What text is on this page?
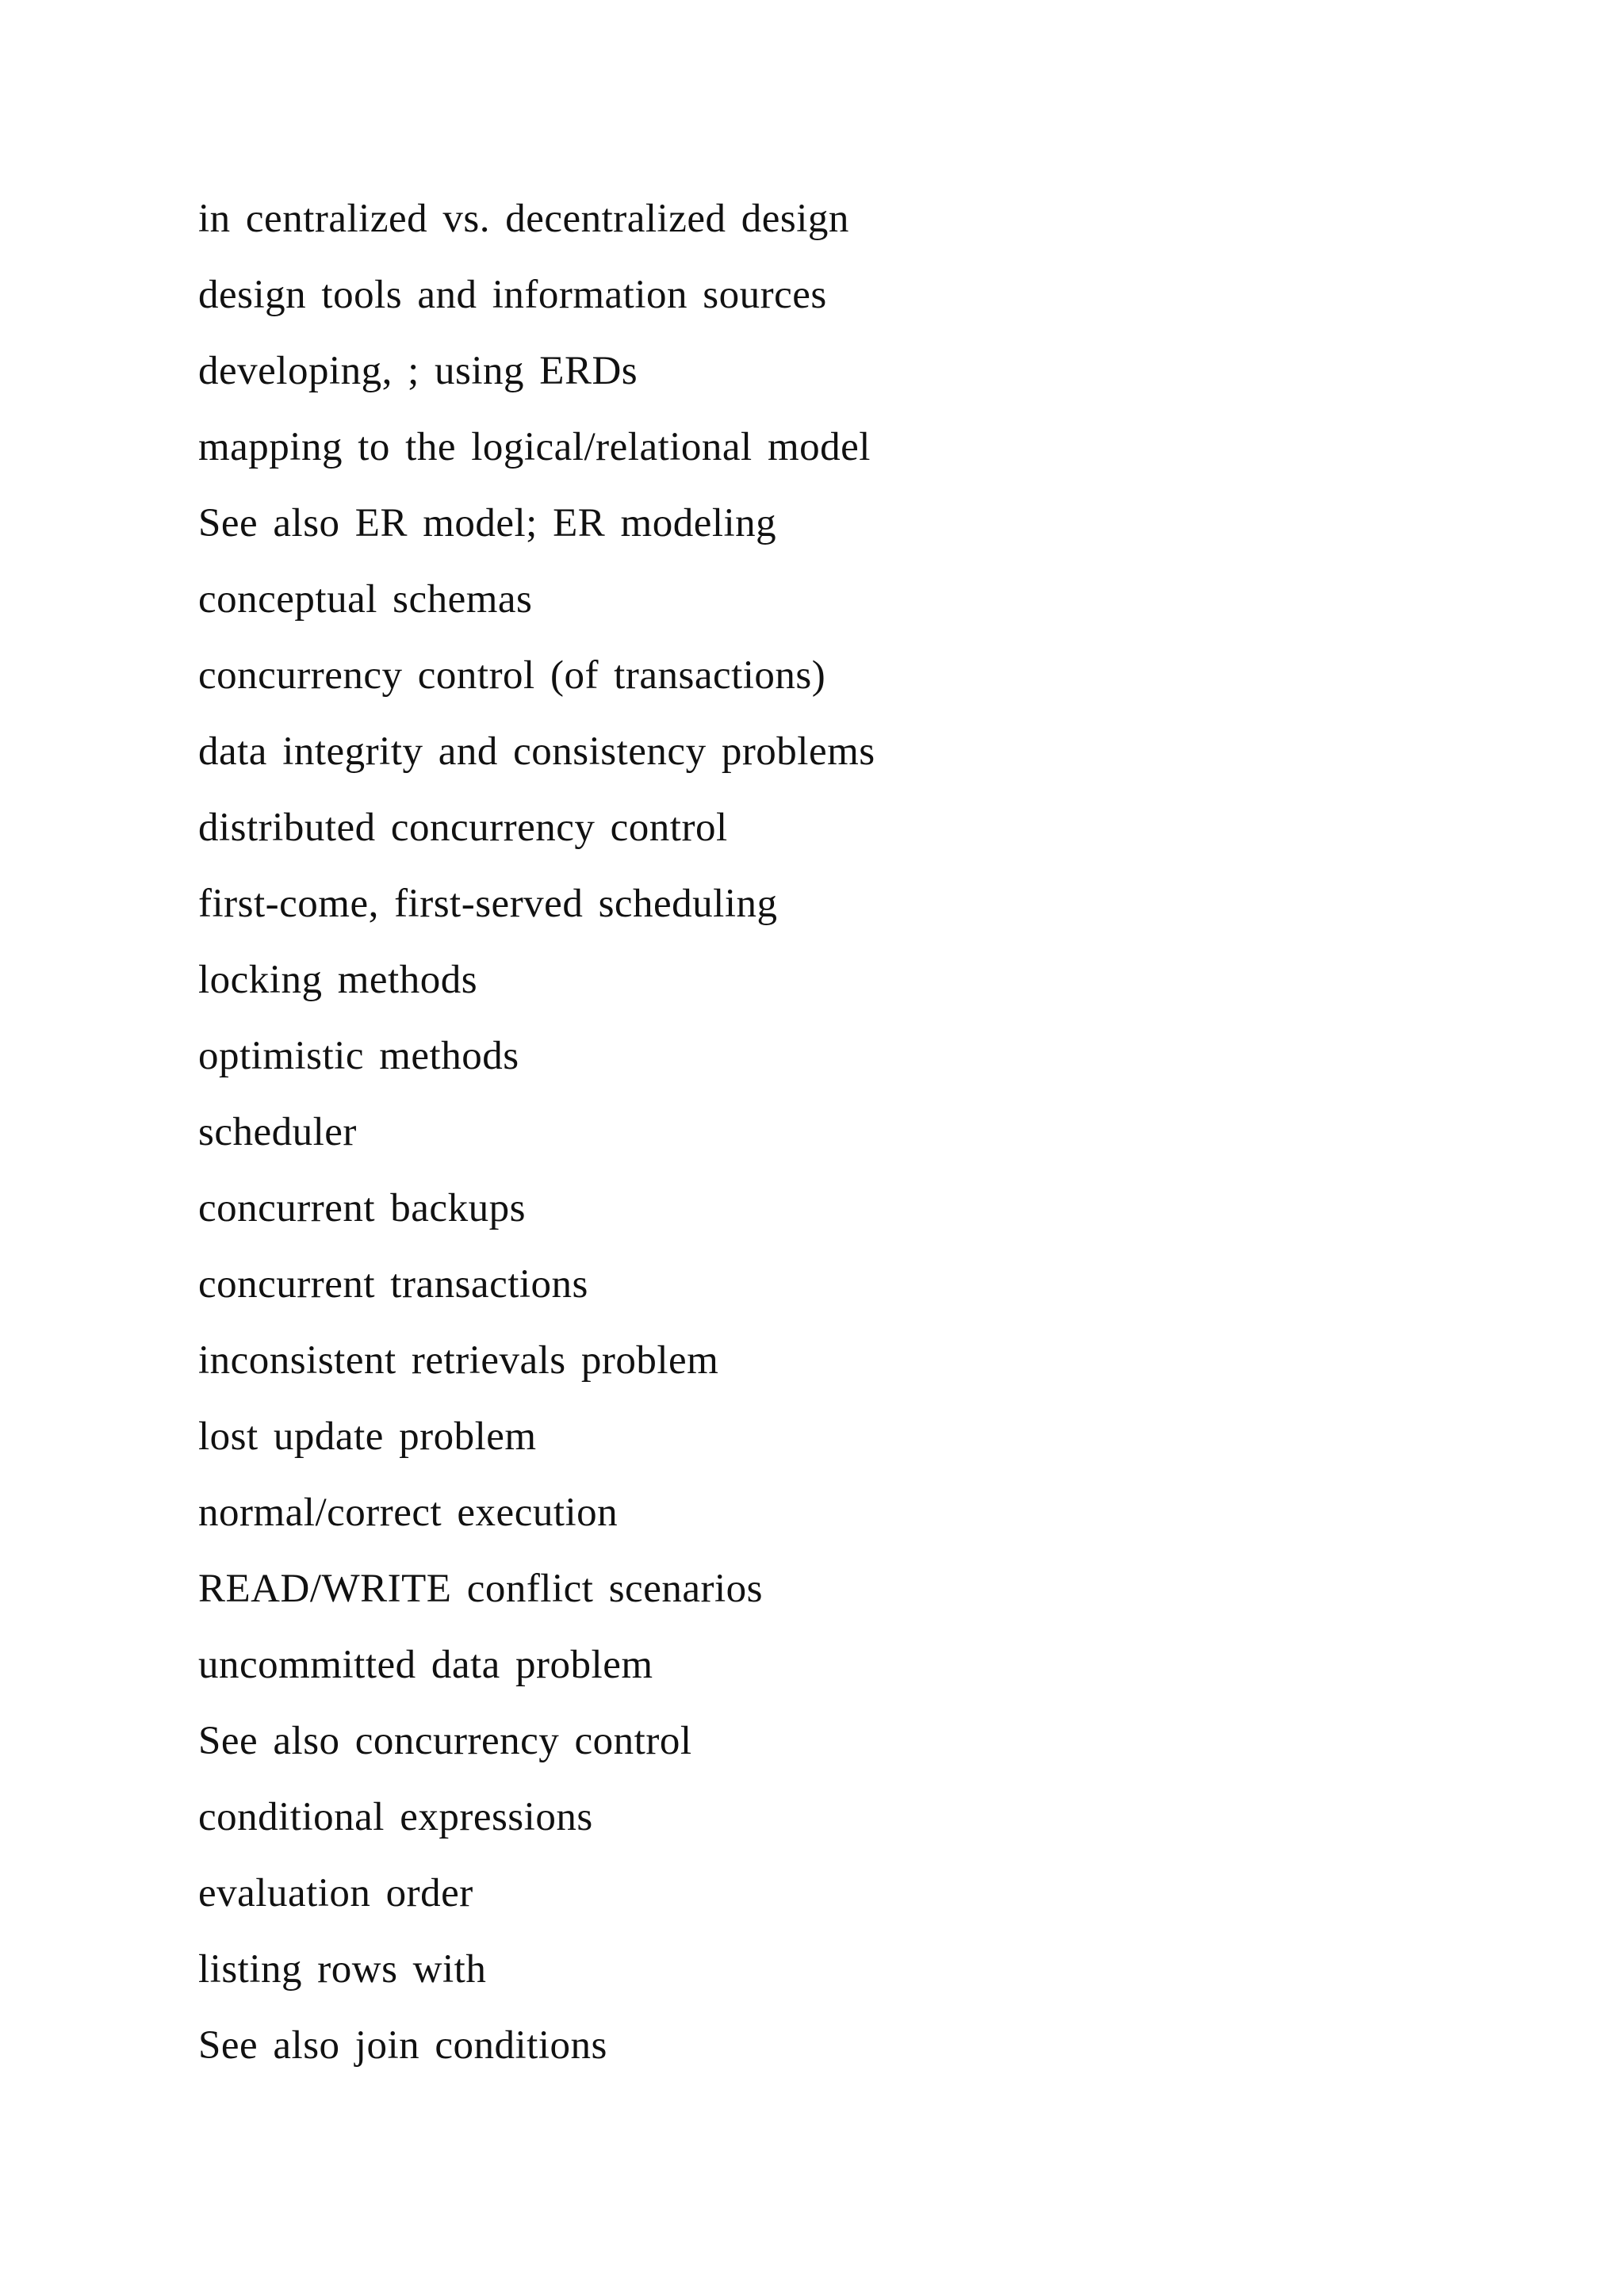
in centralized vs. decentralized design
design tools and information sources
developing, ; using ERDs
mapping to the logical/relational model
See also ER model; ER modeling
conceptual schemas
concurrency control (of transactions)
data integrity and consistency problems
distributed concurrency control
first-come, first-served scheduling
locking methods
optimistic methods
scheduler
concurrent backups
concurrent transactions
inconsistent retrievals problem
lost update problem
normal/correct execution
READ/WRITE conflict scenarios
uncommitted data problem
See also concurrency control
conditional expressions
evaluation order
listing rows with
See also join conditions
